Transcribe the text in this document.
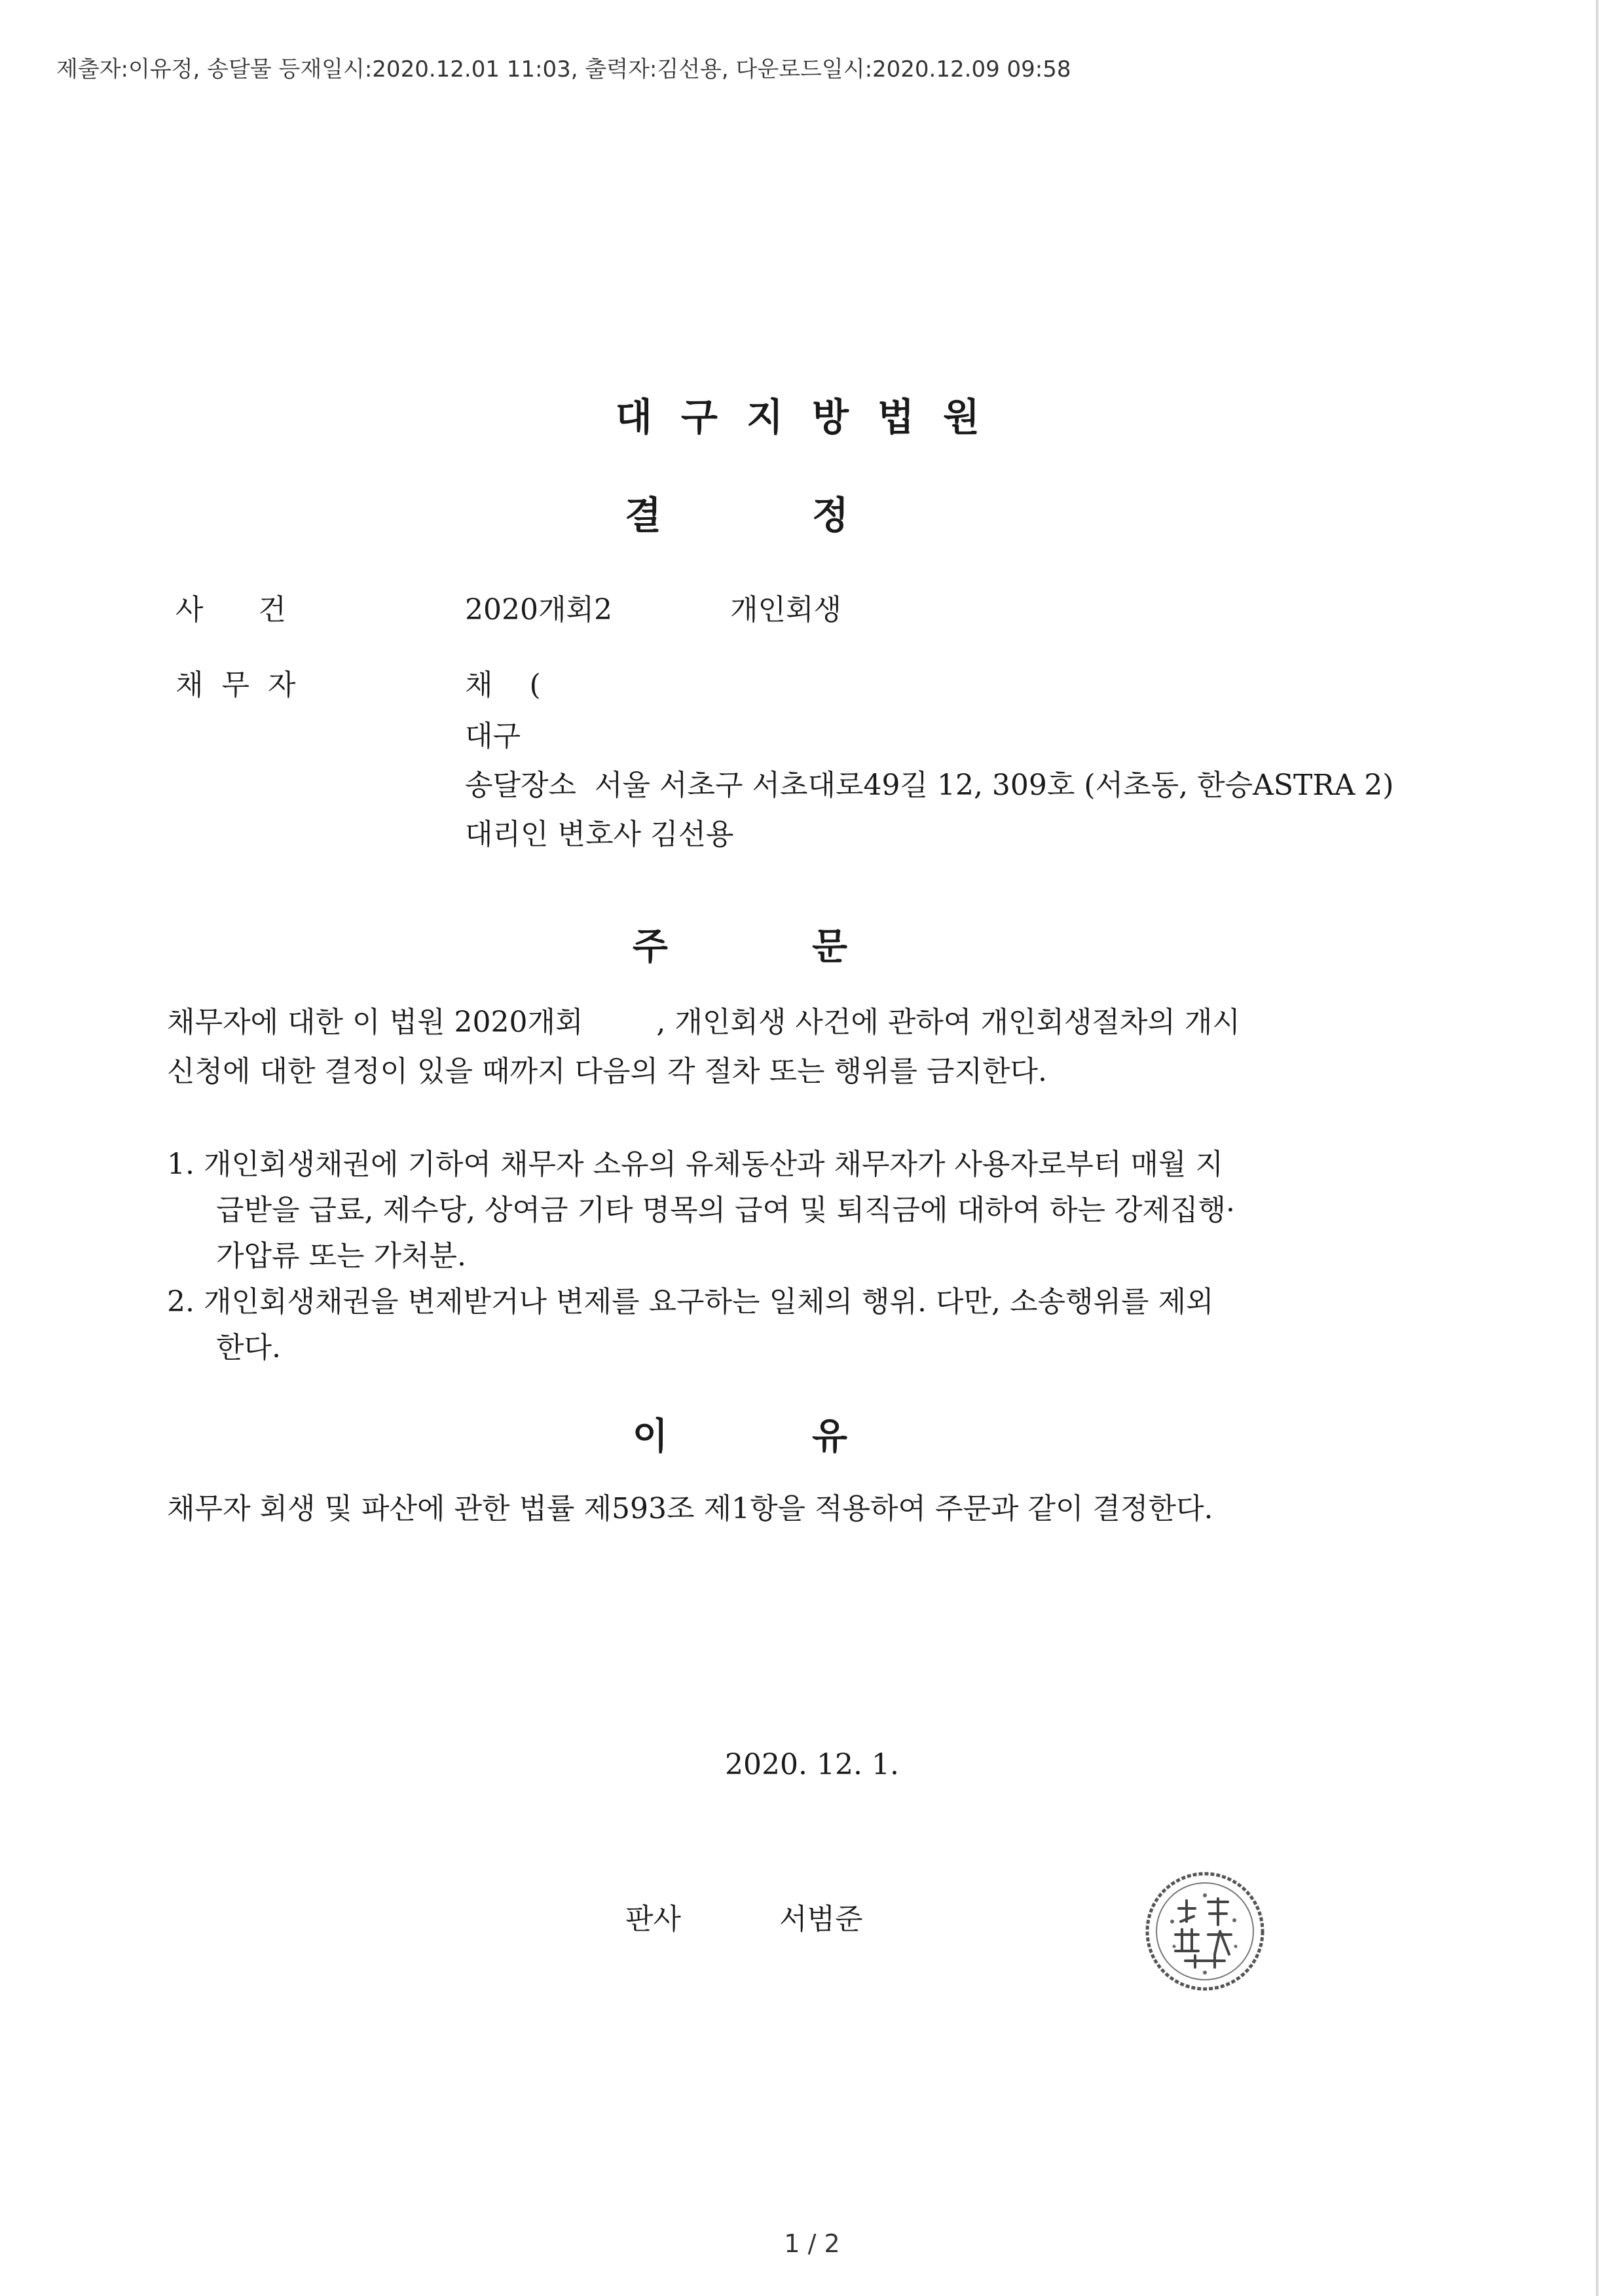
제출자:이유정, 송달물 등재일시:2020.12.01 11:03, 출력자:김선용, 다운로드일시:2020.12.09 09:58
대구지방법원
결정
사      건	2020개회2	개인회생
채  무  자	채    (
대구
송달장소  서울 서초구 서초대로49길 12, 309호 (서초동, 한승ASTRA 2)
대리인 변호사 김선용
주문
채무자에 대한 이 법원 2020개회        , 개인회생 사건에 관하여 개인회생절차의 개시
신청에 대한 결정이 있을 때까지 다음의 각 절차 또는 행위를 금지한다.
1. 개인회생채권에 기하여 채무자 소유의 유체동산과 채무자가 사용자로부터 매월 지
급받을 급료, 제수당, 상여금 기타 명목의 급여 및 퇴직금에 대하여 하는 강제집행·
가압류 또는 가처분.
2. 개인회생채권을 변제받거나 변제를 요구하는 일체의 행위. 다만, 소송행위를 제외
한다.
이유
채무자 회생 및 파산에 관한 법률 제593조 제1항을 적용하여 주문과 같이 결정한다.
2020. 12. 1.
판사	서범준
1 / 2
